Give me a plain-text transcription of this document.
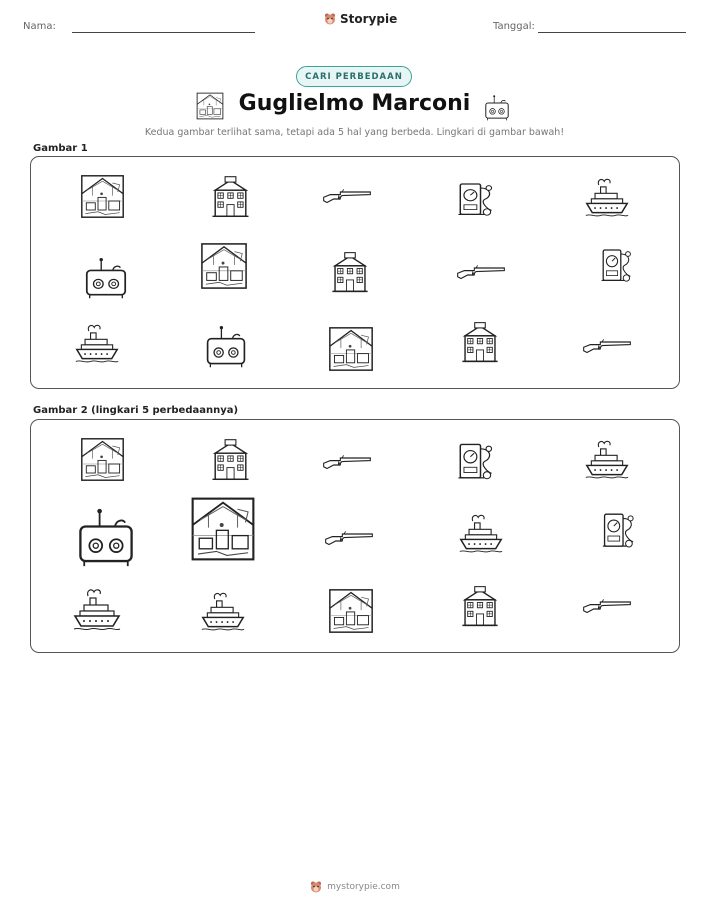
Nama:
Storypie
Tanggal:
CARI PERBEDAAN
Guglielmo Marconi
Kedua gambar terlihat sama, tetapi ada 5 hal yang berbeda. Lingkari di gambar bawah!
Gambar 1
Gambar 2 (lingkari 5 perbedaannya)
mystorypie.com
